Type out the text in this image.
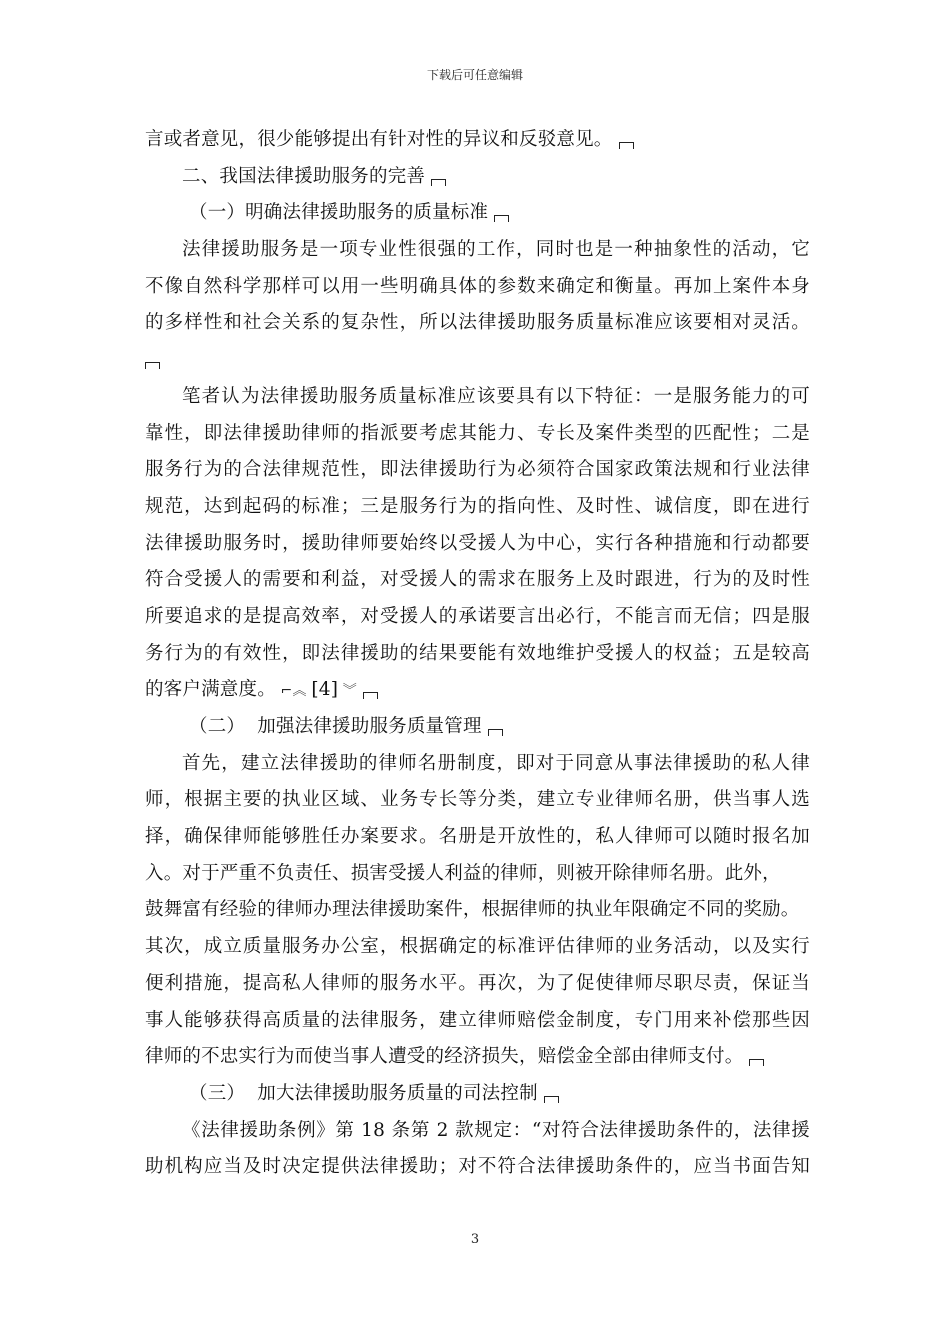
下载后可任意编辑
言或者意见，很少能够提出有针对性的异议和反驳意见。
二、我国法律援助服务的完善
（一）明确法律援助服务的质量标准
法律援助服务是一项专业性很强的工作，同时也是一种抽象性的活动，它
不像自然科学那样可以用一些明确具体的参数来确定和衡量。再加上案件本身
的多样性和社会关系的复杂性，所以法律援助服务质量标准应该要相对灵活。
笔者认为法律援助服务质量标准应该要具有以下特征：一是服务能力的可
靠性，即法律援助律师的指派要考虑其能力、专长及案件类型的匹配性；二是
服务行为的合法律规范性，即法律援助行为必须符合国家政策法规和行业法律
规范，达到起码的标准；三是服务行为的指向性、及时性、诚信度，即在进行
法律援助服务时，援助律师要始终以受援人为中心，实行各种措施和行动都要
符合受援人的需要和利益，对受援人的需求在服务上及时跟进，行为的及时性
所要追求的是提高效率，对受援人的承诺要言出必行，不能言而无信；四是服
务行为的有效性，即法律援助的结果要能有效地维护受援人的权益；五是较高
的客户满意度。 ⌐︽ [4] ︾
（二）  加强法律援助服务质量管理
首先，建立法律援助的律师名册制度，即对于同意从事法律援助的私人律
师，根据主要的执业区域、业务专长等分类，建立专业律师名册，供当事人选
择，确保律师能够胜任办案要求。名册是开放性的，私人律师可以随时报名加
入。对于严重不负责任、损害受援人利益的律师，则被开除律师名册。此外，
鼓舞富有经验的律师办理法律援助案件，根据律师的执业年限确定不同的奖励。
其次，成立质量服务办公室，根据确定的标准评估律师的业务活动，以及实行
便利措施，提高私人律师的服务水平。再次，为了促使律师尽职尽责，保证当
事人能够获得高质量的法律服务，建立律师赔偿金制度，专门用来补偿那些因
律师的不忠实行为而使当事人遭受的经济损失，赔偿金全部由律师支付。
（三）  加大法律援助服务质量的司法控制
《法律援助条例》第 18 条第 2 款规定：“对符合法律援助条件的，法律援
助机构应当及时决定提供法律援助；对不符合法律援助条件的，应当书面告知
3
